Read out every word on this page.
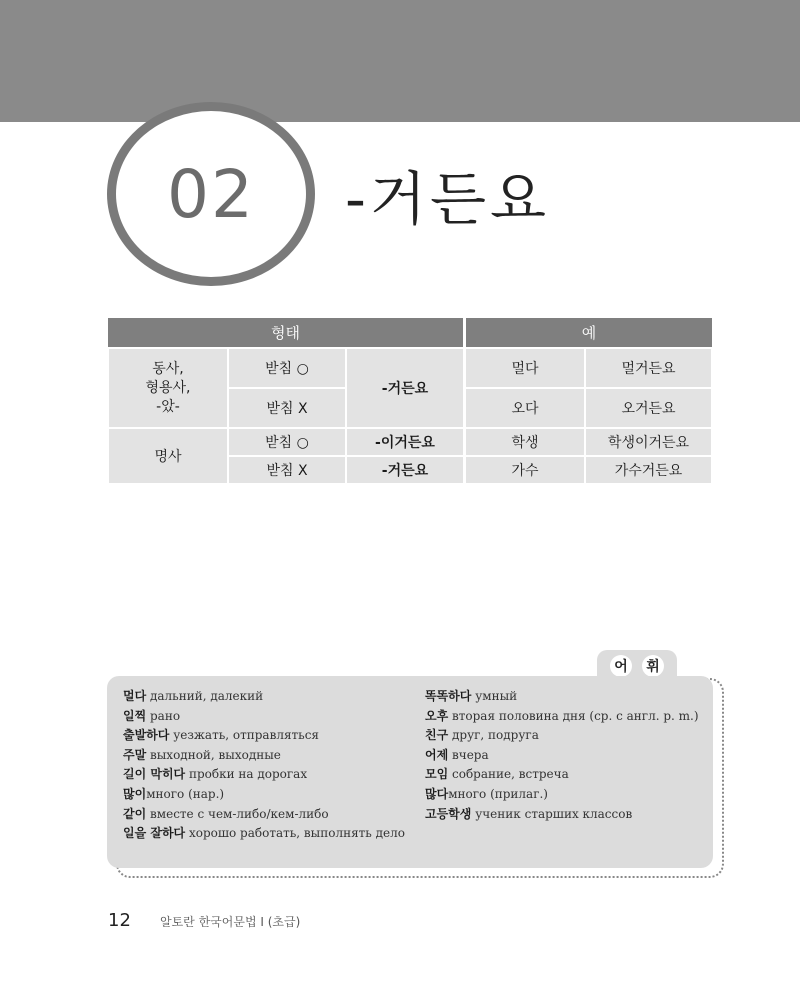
02 -거든요
형태			예	
동사,
형용사,
-았-	받침 ○	-거든요	멀다	멀거든요
	받침 X		오다	오거든요
명사	받침 ○	-이거든요	학생	학생이거든요
	받침 X	-거든요	가수	가수거든요
어	휘
멀다 дальний, далекий
일찍 рано
출발하다 уезжать, отправляться
주말 выходной, выходные
길이 막히다 пробки на дорогах
많이много (нар.)
같이 вместе с чем-либо/кем-либо
일을 잘하다 хорошо работать, выполнять дело
똑똑하다 умный
오후 вторая половина дня (ср. с англ. p. m.)
친구 друг, подруга
어제 вчера
모임 собрание, встреча
많다много (прилаг.)
고등학생 ученик старших классов
12 알토란 한국어문법 I (초급)
